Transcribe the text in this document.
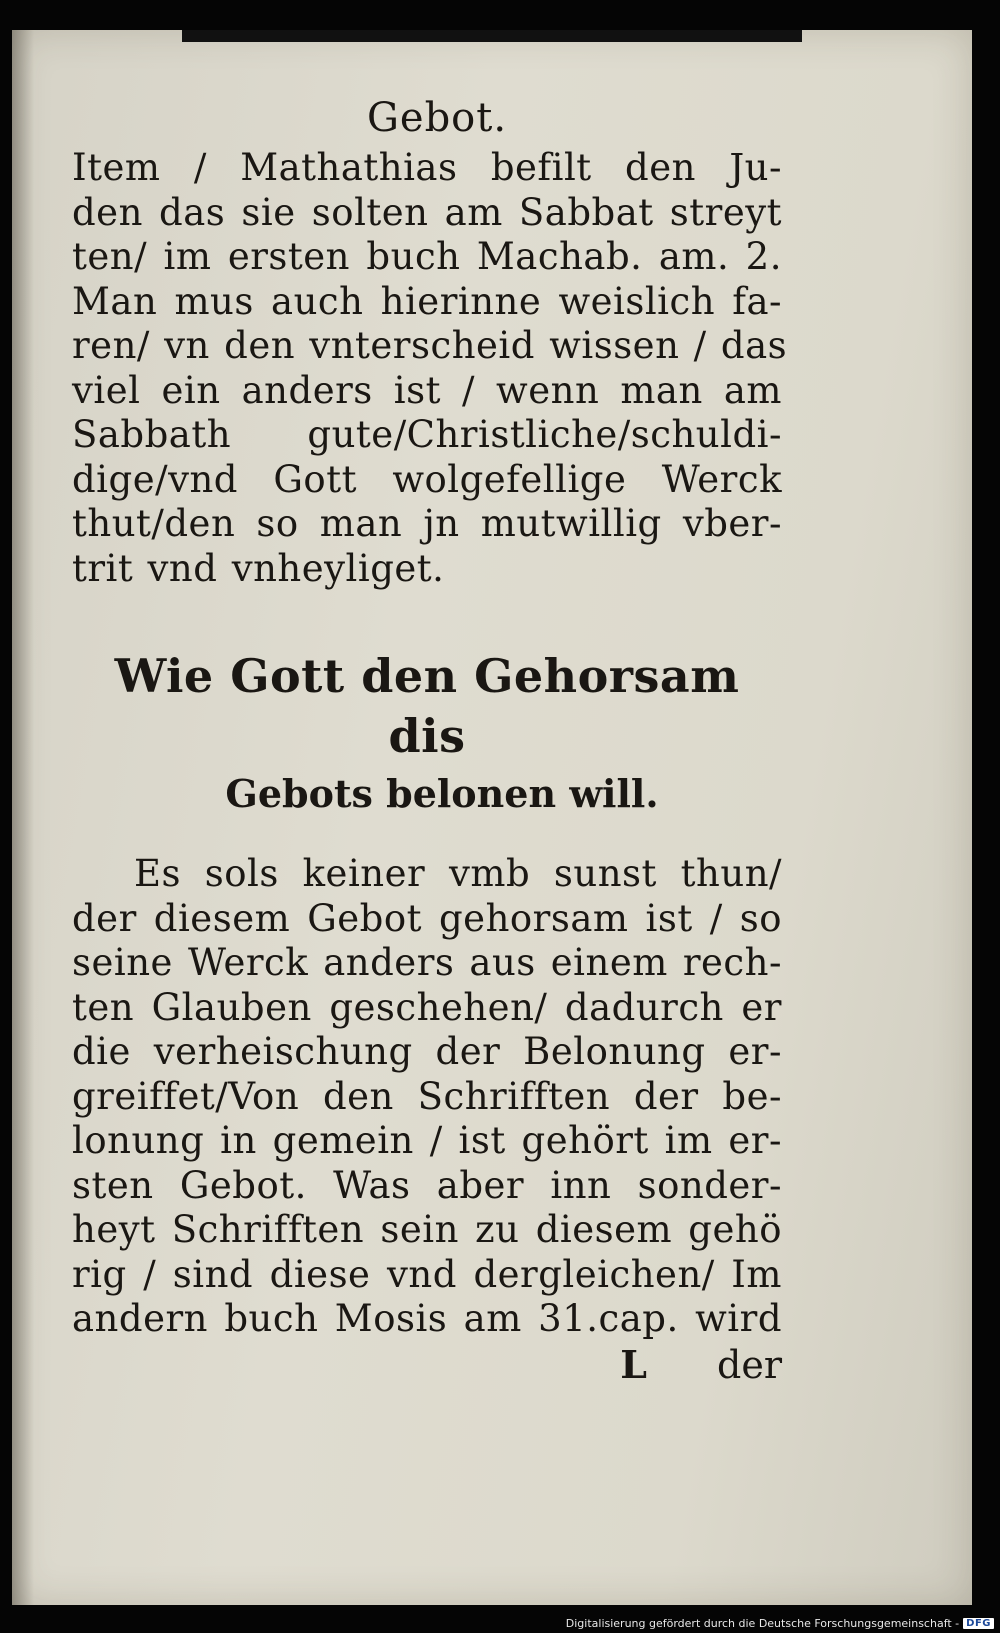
Gebot.
Item / Mathathias befilt den Ju-
den das sie solten am Sabbat streyt
ten/ im ersten buch Machab. am. 2.
Man mus auch hierinne weislich fa-
ren/ vn den vnterscheid wissen / das
viel ein anders ist / wenn man am
Sabbath gute/Christliche/schuldi-
dige/vnd Gott wolgefellige Werck
thut/den so man jn mutwillig vber-
trit vnd vnheyliget.
Wie Gott den Gehorsam dis
Gebots belonen will.
Es sols keiner vmb sunst thun/
der diesem Gebot gehorsam ist / so
seine Werck anders aus einem rech-
ten Glauben geschehen/ dadurch er
die verheischung der Belonung er-
greiffet/Von den Schrifften der be-
lonung in gemein / ist gehört im er-
sten Gebot. Was aber inn sonder-
heyt Schrifften sein zu diesem gehö
rig / sind diese vnd dergleichen/ Im
andern buch Mosis am 31.cap. wird
L der
Digitalisierung gefördert durch die Deutsche Forschungsgemeinschaft - DFG
